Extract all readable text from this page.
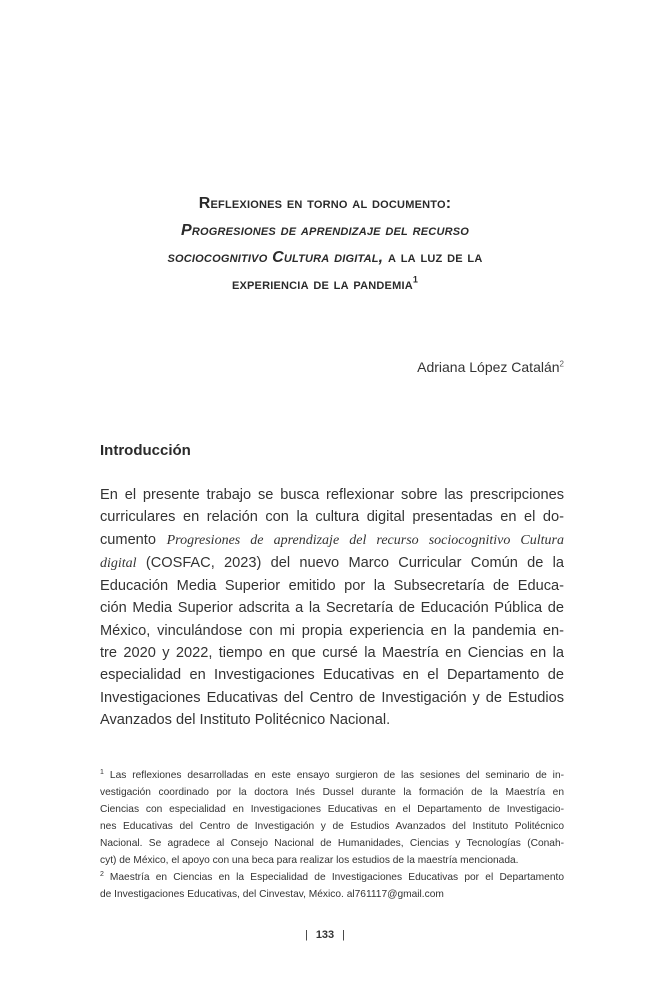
Reflexiones en torno al documento:
Progresiones de aprendizaje del recurso
sociocognitivo Cultura digital, a la luz de la
experiencia de la pandemia$^1$
Adriana López Catalán$^2$
Introducción
En el presente trabajo se busca reflexionar sobre las prescripciones
curriculares en relación con la cultura digital presentadas en el do-
cumento Progresiones de aprendizaje del recurso sociocognitivo Cultura
digital (COSFAC, 2023) del nuevo Marco Curricular Común de la
Educación Media Superior emitido por la Subsecretaría de Educa-
ción Media Superior adscrita a la Secretaría de Educación Pública de
México, vinculándose con mi propia experiencia en la pandemia en-
tre 2020 y 2022, tiempo en que cursé la Maestría en Ciencias en la
especialidad en Investigaciones Educativas en el Departamento de
Investigaciones Educativas del Centro de Investigación y de Estudios
Avanzados del Instituto Politécnico Nacional.
$^1$ Las reflexiones desarrolladas en este ensayo surgieron de las sesiones del seminario de in-
vestigación coordinado por la doctora Inés Dussel durante la formación de la Maestría en
Ciencias con especialidad en Investigaciones Educativas en el Departamento de Investigacio-
nes Educativas del Centro de Investigación y de Estudios Avanzados del Instituto Politécnico
Nacional. Se agradece al Consejo Nacional de Humanidades, Ciencias y Tecnologías (Conah-
cyt) de México, el apoyo con una beca para realizar los estudios de la maestría mencionada.
$^2$ Maestría en Ciencias en la Especialidad de Investigaciones Educativas por el Departamento
de Investigaciones Educativas, del Cinvestav, México. al761117@gmail.com
| 133 |
